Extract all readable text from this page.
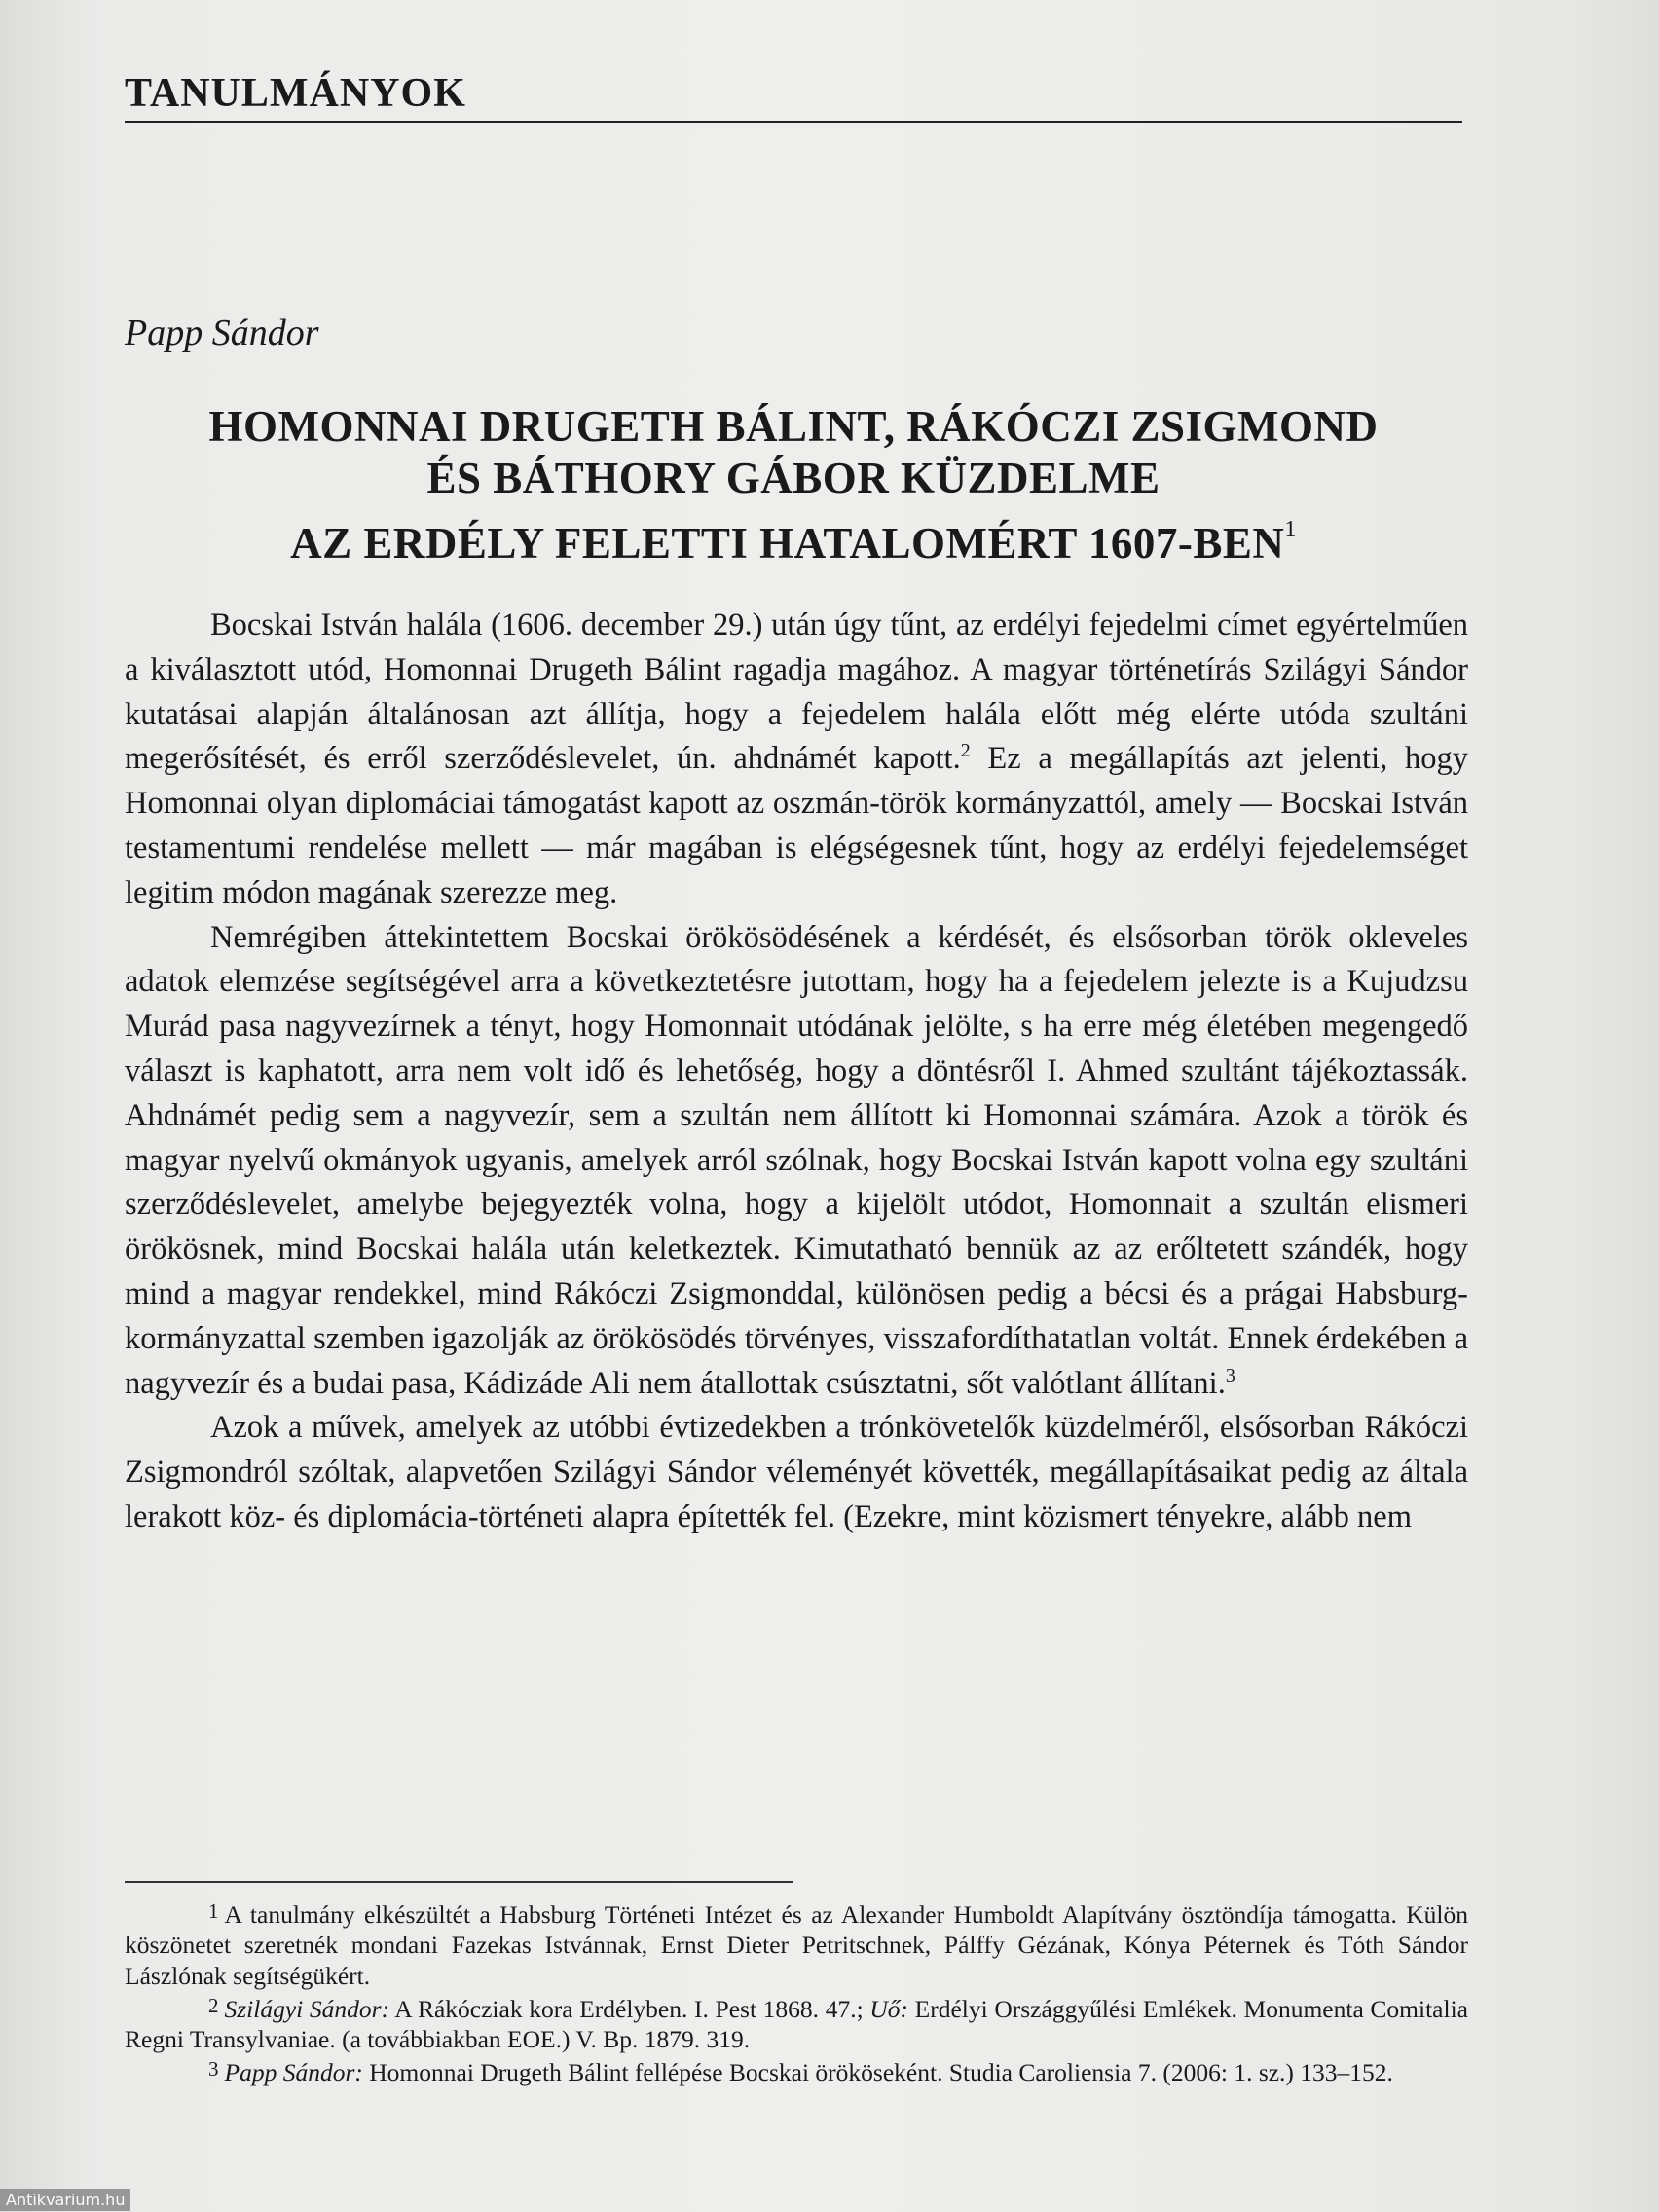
TANULMÁNYOK
Papp Sándor
HOMONNAI DRUGETH BÁLINT, RÁKÓCZI ZSIGMOND
ÉS BÁTHORY GÁBOR KÜZDELME
AZ ERDÉLY FELETTI HATALOMÉRT 1607-BEN$^1$

Bocskai István halála (1606. december 29.) után úgy tűnt, az erdélyi fejedelmi címet egyértelműen a kiválasztott utód, Homonnai Drugeth Bálint ragadja magához. A magyar történetírás Szilágyi Sándor kutatásai alapján általánosan azt állítja, hogy a fejedelem halála előtt még elérte utóda szultáni megerősítését, és erről szerződéslevelet, ún. ahdnámét kapott.$^2$ Ez a megállapítás azt jelenti, hogy Homonnai olyan diplomáciai támogatást kapott az oszmán-török kormányzattól, amely — Bocskai István testamentumi rendelése mellett — már magában is elégségesnek tűnt, hogy az erdélyi fejedelemséget legitim módon magának szerezze meg.

Nemrégiben áttekintettem Bocskai örökösödésének a kérdését, és elsősorban török okleveles adatok elemzése segítségével arra a következtetésre jutottam, hogy ha a fejedelem jelezte is a Kujudzsu Murád pasa nagyvezírnek a tényt, hogy Homonnait utódának jelölte, s ha erre még életében megengedő választ is kaphatott, arra nem volt idő és lehetőség, hogy a döntésről I. Ahmed szultánt tájékoztassák. Ahdnámét pedig sem a nagyvezír, sem a szultán nem állított ki Homonnai számára. Azok a török és magyar nyelvű okmányok ugyanis, amelyek arról szólnak, hogy Bocskai István kapott volna egy szultáni szerződéslevelet, amelybe bejegyezték volna, hogy a kijelölt utódot, Homonnait a szultán elismeri örökösnek, mind Bocskai halála után keletkeztek. Kimutatható bennük az az erőltetett szándék, hogy mind a magyar rendekkel, mind Rákóczi Zsigmonddal, különösen pedig a bécsi és a prágai Habsburg-kormányzattal szemben igazolják az örökösödés törvényes, visszafordíthatatlan voltát. Ennek érdekében a nagyvezír és a budai pasa, Kádizáde Ali nem átallottak csúsztatni, sőt valótlant állítani.$^3$

Azok a művek, amelyek az utóbbi évtizedekben a trónkövetelők küzdelméről, elsősorban Rákóczi Zsigmondról szóltak, alapvetően Szilágyi Sándor véleményét követték, megállapításaikat pedig az általa lerakott köz- és diplomácia-történeti alapra építették fel. (Ezekre, mint közismert tényekre, alább nem

1 A tanulmány elkészültét a Habsburg Történeti Intézet és az Alexander Humboldt Alapítvány ösztöndíja támogatta. Külön köszönetet szeretnék mondani Fazekas Istvánnak, Ernst Dieter Petritschnek, Pálffy Gézának, Kónya Péternek és Tóth Sándor Lászlónak segítségükért.

2 Szilágyi Sándor: A Rákócziak kora Erdélyben. I. Pest 1868. 47.; Uő: Erdélyi Országgyűlési Emlékek. Monumenta Comitalia Regni Transylvaniae. (a továbbiakban EOE.) V. Bp. 1879. 319.

3 Papp Sándor: Homonnai Drugeth Bálint fellépése Bocskai örököseként. Studia Caroliensia 7. (2006: 1. sz.) 133–152.

Antikvarium.hu
